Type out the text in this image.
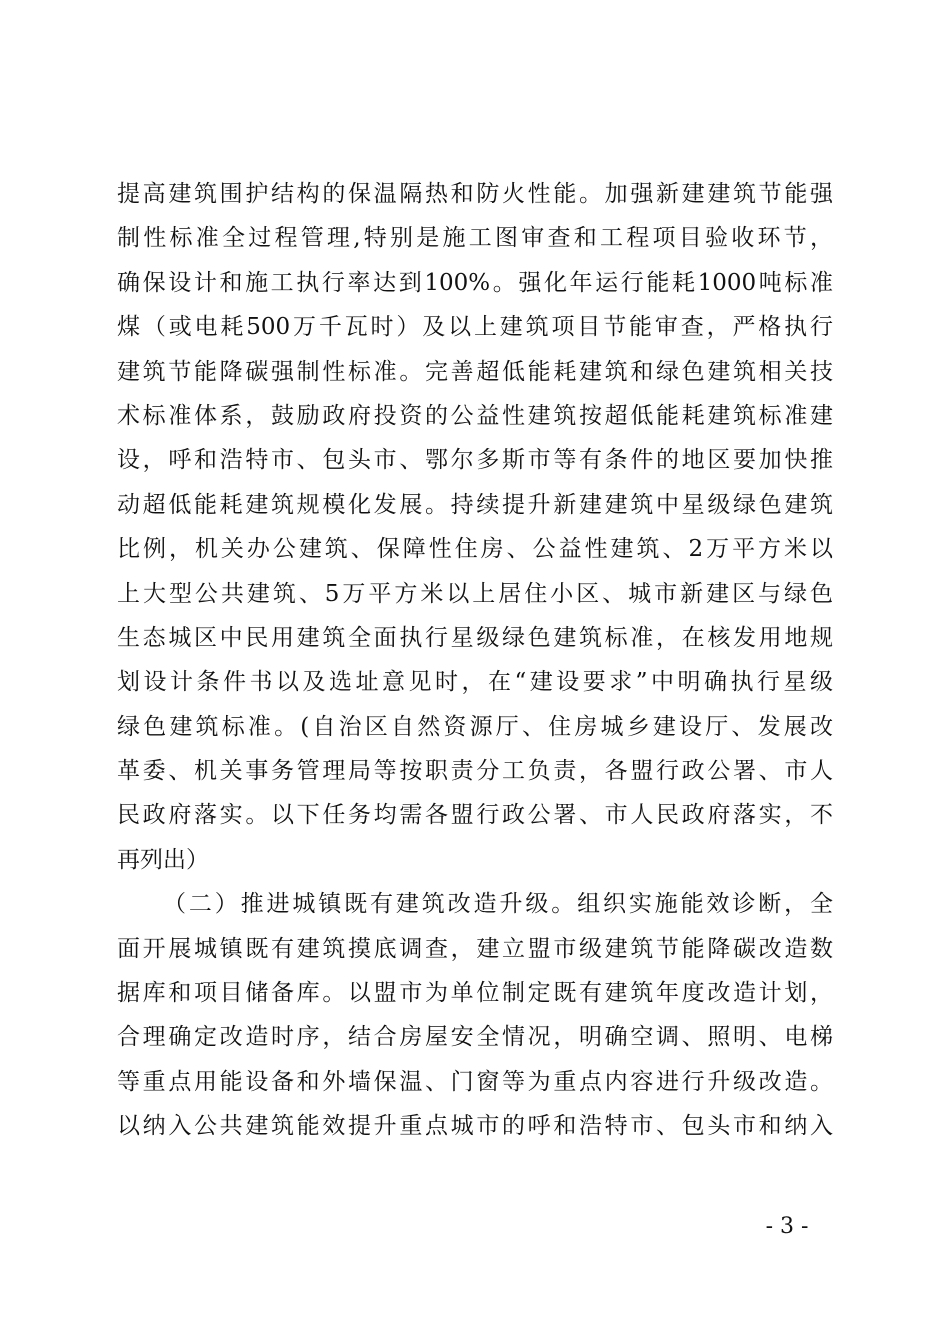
提高建筑围护结构的保温隔热和防火性能。加强新建建筑节能强
制性标准全过程管理,特别是施工图审查和工程项目验收环节，
确保设计和施工执行率达到100%。强化年运行能耗1000吨标准
煤（或电耗500万千瓦时）及以上建筑项目节能审查，严格执行
建筑节能降碳强制性标准。完善超低能耗建筑和绿色建筑相关技
术标准体系，鼓励政府投资的公益性建筑按超低能耗建筑标准建
设，呼和浩特市、包头市、鄂尔多斯市等有条件的地区要加快推
动超低能耗建筑规模化发展。持续提升新建建筑中星级绿色建筑
比例，机关办公建筑、保障性住房、公益性建筑、2万平方米以
上大型公共建筑、5万平方米以上居住小区、城市新建区与绿色
生态城区中民用建筑全面执行星级绿色建筑标准，在核发用地规
划设计条件书以及选址意见时，在“建设要求”中明确执行星级
绿色建筑标准。(自治区自然资源厅、住房城乡建设厅、发展改
革委、机关事务管理局等按职责分工负责，各盟行政公署、市人
民政府落实。以下任务均需各盟行政公署、市人民政府落实，不
再列出）
（二）推进城镇既有建筑改造升级。组织实施能效诊断，全
面开展城镇既有建筑摸底调查，建立盟市级建筑节能降碳改造数
据库和项目储备库。以盟市为单位制定既有建筑年度改造计划，
合理确定改造时序，结合房屋安全情况，明确空调、照明、电梯
等重点用能设备和外墙保温、门窗等为重点内容进行升级改造。
以纳入公共建筑能效提升重点城市的呼和浩特市、包头市和纳入
- 3 -
